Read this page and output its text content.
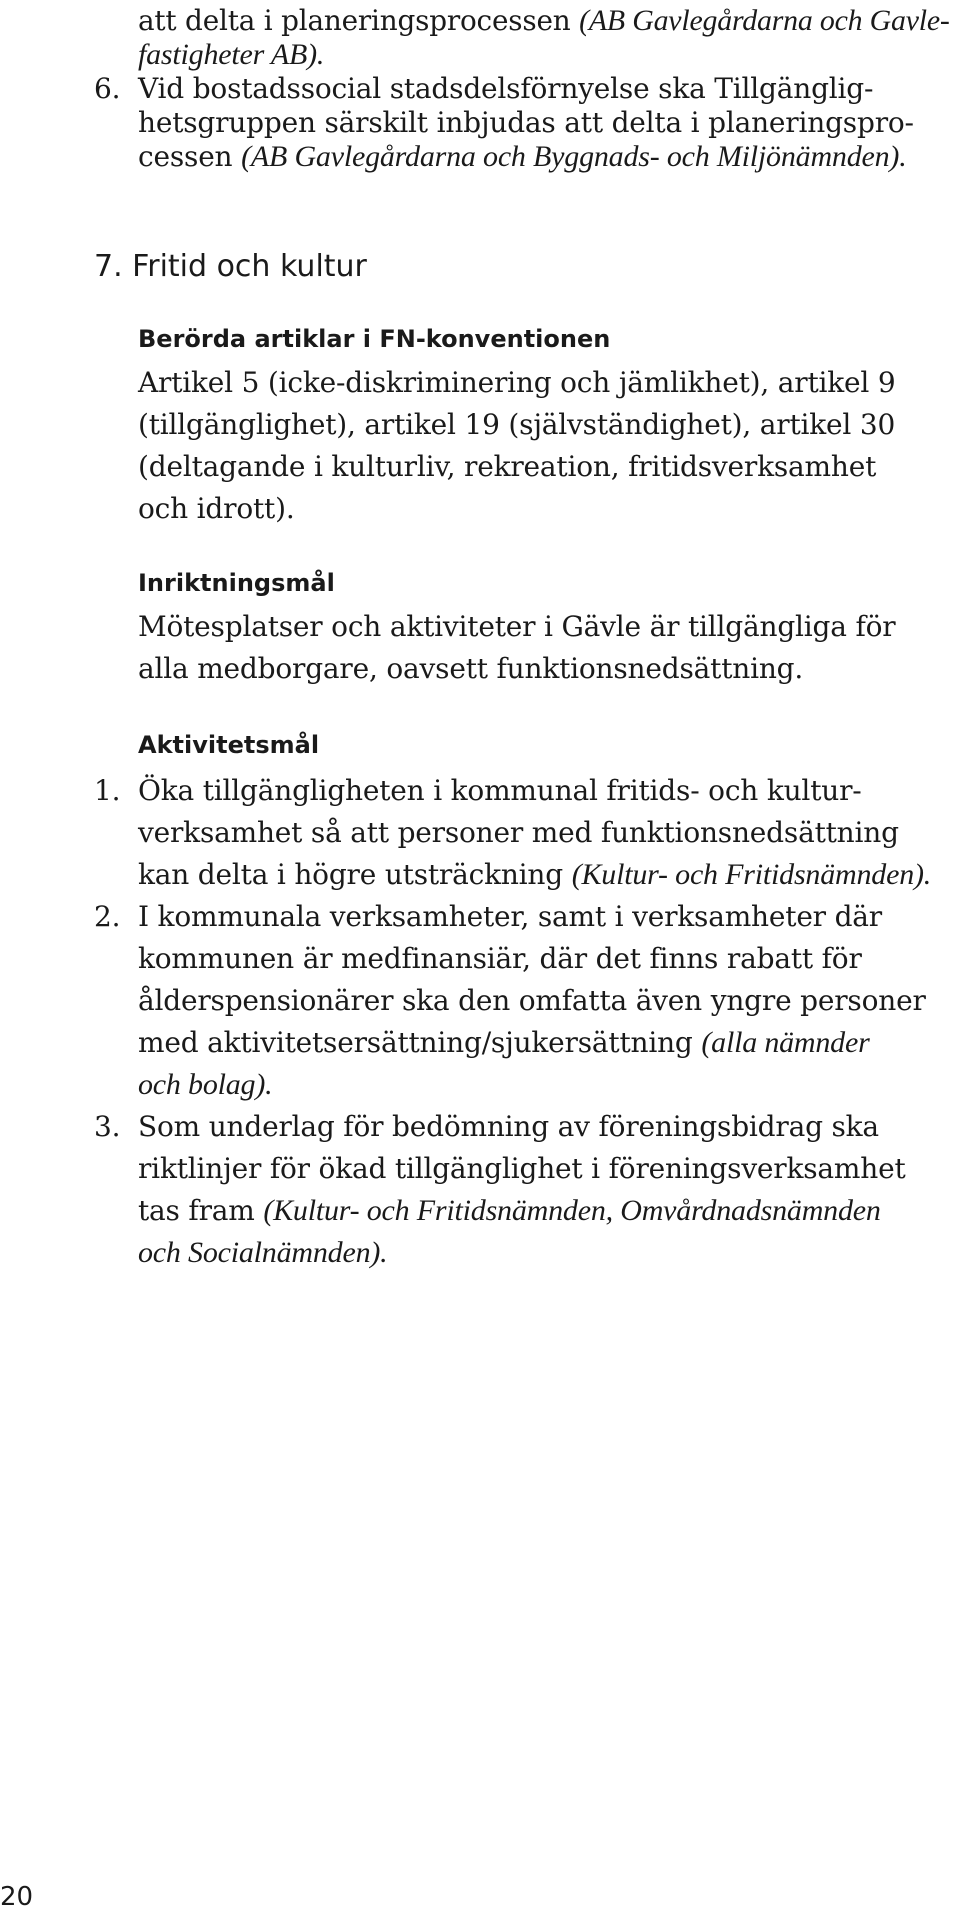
att delta i planeringsprocessen (AB Gavlegårdarna och Gavle-
fastigheter AB).
6. Vid bostadssocial stadsdelsförnyelse ska Tillgänglig-
hetsgruppen särskilt inbjudas att delta i planeringspro-
cessen (AB Gavlegårdarna och Byggnads- och Miljönämnden).
7. Fritid och kultur
Berörda artiklar i FN-konventionen
Artikel 5 (icke-diskriminering och jämlikhet), artikel 9
(tillgänglighet), artikel 19 (självständighet), artikel 30
(deltagande i kulturliv, rekreation, fritidsverksamhet
och idrott).
Inriktningsmål
Mötesplatser och aktiviteter i Gävle är tillgängliga för
alla medborgare, oavsett funktionsnedsättning.
Aktivitetsmål
1. Öka tillgängligheten i kommunal fritids- och kultur-
verksamhet så att personer med funktionsnedsättning
kan delta i högre utsträckning (Kultur- och Fritidsnämnden).
2. I kommunala verksamheter, samt i verksamheter där
kommunen är medfinansiär, där det finns rabatt för
ålderspensionärer ska den omfatta även yngre personer
med aktivitetsersättning/sjukersättning (alla nämnder
och bolag).
3. Som underlag för bedömning av föreningsbidrag ska
riktlinjer för ökad tillgänglighet i föreningsverksamhet
tas fram (Kultur- och Fritidsnämnden, Omvårdnadsnämnden
och Socialnämnden).
20
